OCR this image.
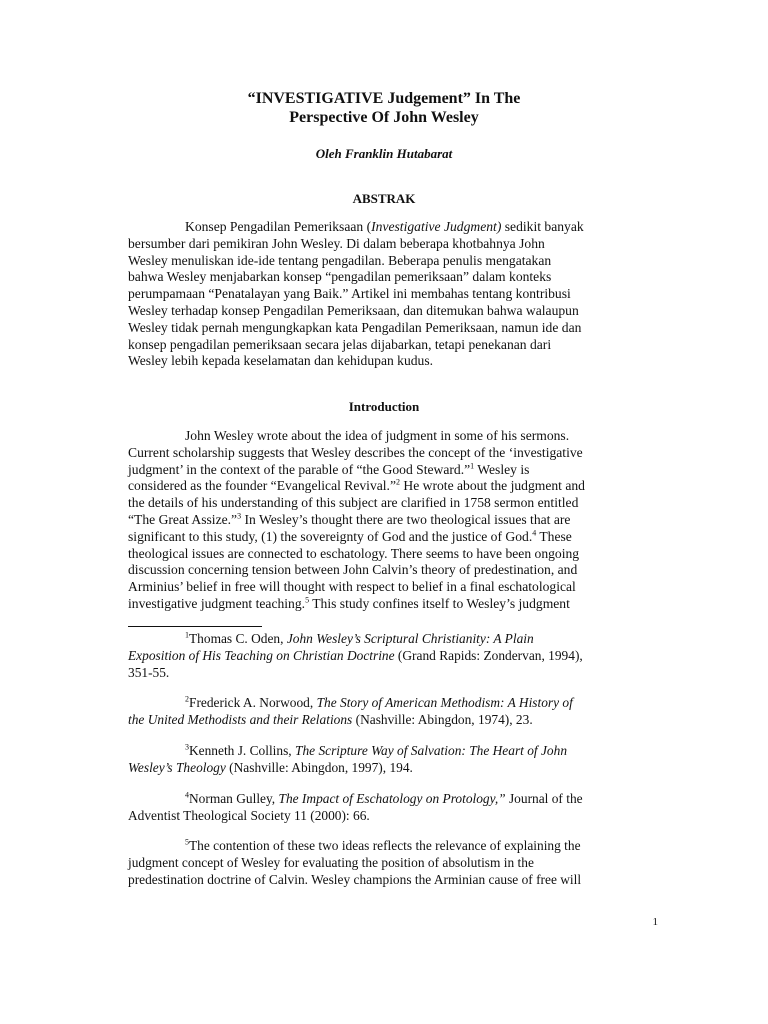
“INVESTIGATIVE Judgement” In The
Perspective Of John Wesley
Oleh Franklin Hutabarat
ABSTRAK
Konsep Pengadilan Pemeriksaan (Investigative Judgment) sedikit banyak
bersumber dari pemikiran John Wesley. Di dalam beberapa khotbahnya John
Wesley menuliskan ide-ide tentang pengadilan. Beberapa penulis mengatakan
bahwa Wesley menjabarkan konsep “pengadilan pemeriksaan” dalam konteks
perumpamaan “Penatalayan yang Baik.” Artikel ini membahas tentang kontribusi
Wesley terhadap konsep Pengadilan Pemeriksaan, dan ditemukan bahwa walaupun
Wesley tidak pernah mengungkapkan kata Pengadilan Pemeriksaan, namun ide dan
konsep pengadilan pemeriksaan secara jelas dijabarkan, tetapi penekanan dari
Wesley lebih kepada keselamatan dan kehidupan kudus.
Introduction
John Wesley wrote about the idea of judgment in some of his sermons.
Current scholarship suggests that Wesley describes the concept of the ‘investigative
judgment’ in the context of the parable of “the Good Steward.”$^1$ Wesley is
considered as the founder “Evangelical Revival.”$^2$ He wrote about the judgment and
the details of his understanding of this subject are clarified in 1758 sermon entitled
“The Great Assize.”$^3$ In Wesley’s thought there are two theological issues that are
significant to this study, (1) the sovereignty of God and the justice of God.$^4$ These
theological issues are connected to eschatology. There seems to have been ongoing
discussion concerning tension between John Calvin’s theory of predestination, and
Arminius’ belief in free will thought with respect to belief in a final eschatological
investigative judgment teaching.$^5$ This study confines itself to Wesley’s judgment
$^1$Thomas C. Oden, John Wesley’s Scriptural Christianity: A Plain
Exposition of His Teaching on Christian Doctrine (Grand Rapids: Zondervan, 1994),
351-55.
$^2$Frederick A. Norwood, The Story of American Methodism: A History of
the United Methodists and their Relations (Nashville: Abingdon, 1974), 23.
$^3$Kenneth J. Collins, The Scripture Way of Salvation: The Heart of John
Wesley’s Theology (Nashville: Abingdon, 1997), 194.
$^4$Norman Gulley, The Impact of Eschatology on Protology,” Journal of the
Adventist Theological Society 11 (2000): 66.
$^5$The contention of these two ideas reflects the relevance of explaining the
judgment concept of Wesley for evaluating the position of absolutism in the
predestination doctrine of Calvin. Wesley champions the Arminian cause of free will
1
